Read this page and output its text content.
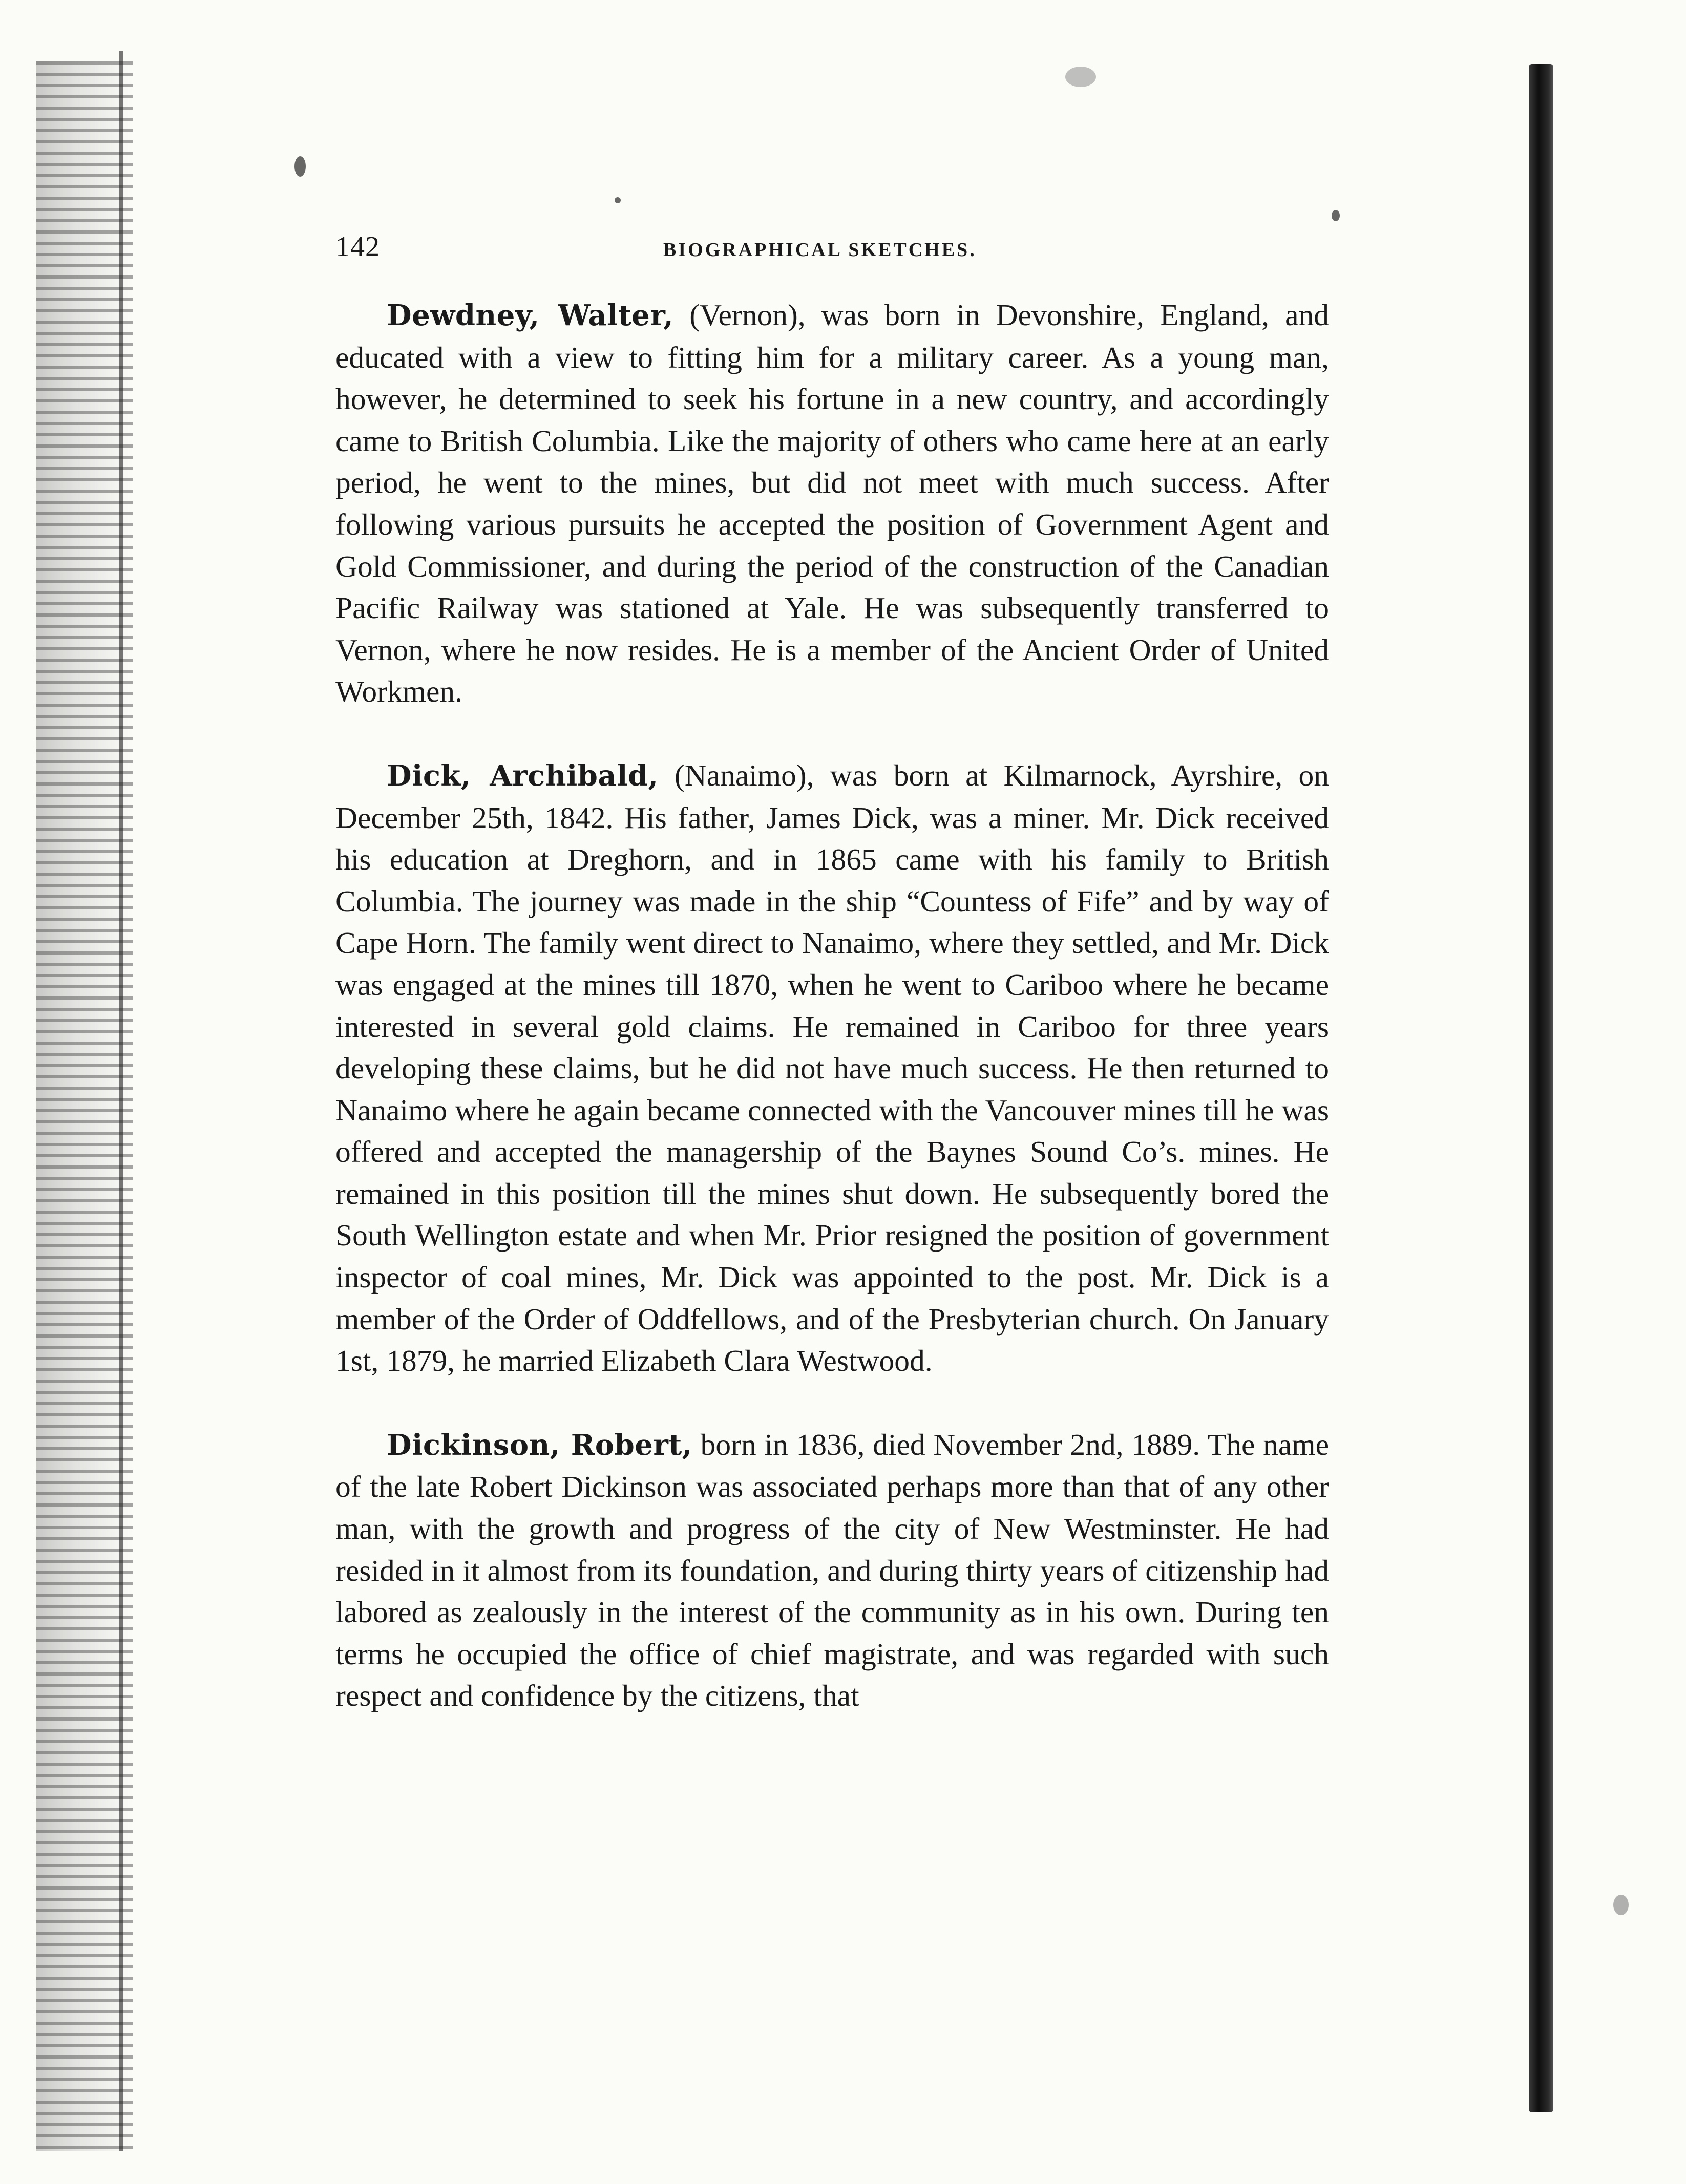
142	BIOGRAPHICAL SKETCHES.

Dewdney, Walter, (Vernon), was born in Devonshire, England, and educated with a view to fitting him for a military career. As a young man, however, he determined to seek his fortune in a new country, and accordingly came to British Columbia. Like the majority of others who came here at an early period, he went to the mines, but did not meet with much success. After following various pursuits he accepted the position of Government Agent and Gold Commissioner, and during the period of the construction of the Canadian Pacific Railway was stationed at Yale. He was subsequently transferred to Vernon, where he now resides. He is a member of the Ancient Order of United Workmen.

Dick, Archibald, (Nanaimo), was born at Kilmarnock, Ayrshire, on December 25th, 1842. His father, James Dick, was a miner. Mr. Dick received his education at Dreghorn, and in 1865 came with his family to British Columbia. The journey was made in the ship “Countess of Fife” and by way of Cape Horn. The family went direct to Nanaimo, where they settled, and Mr. Dick was engaged at the mines till 1870, when he went to Cariboo where he became interested in several gold claims. He remained in Cariboo for three years developing these claims, but he did not have much success. He then returned to Nanaimo where he again became connected with the Vancouver mines till he was offered and accepted the managership of the Baynes Sound Co’s. mines. He remained in this position till the mines shut down. He subsequently bored the South Wellington estate and when Mr. Prior resigned the position of government inspector of coal mines, Mr. Dick was appointed to the post. Mr. Dick is a member of the Order of Oddfellows, and of the Presbyterian church. On January 1st, 1879, he married Elizabeth Clara Westwood.

Dickinson, Robert, born in 1836, died November 2nd, 1889. The name of the late Robert Dickinson was associated perhaps more than that of any other man, with the growth and progress of the city of New Westminster. He had resided in it almost from its foundation, and during thirty years of citizenship had labored as zealously in the interest of the community as in his own. During ten terms he occupied the office of chief magistrate, and was regarded with such respect and confidence by the citizens, that
